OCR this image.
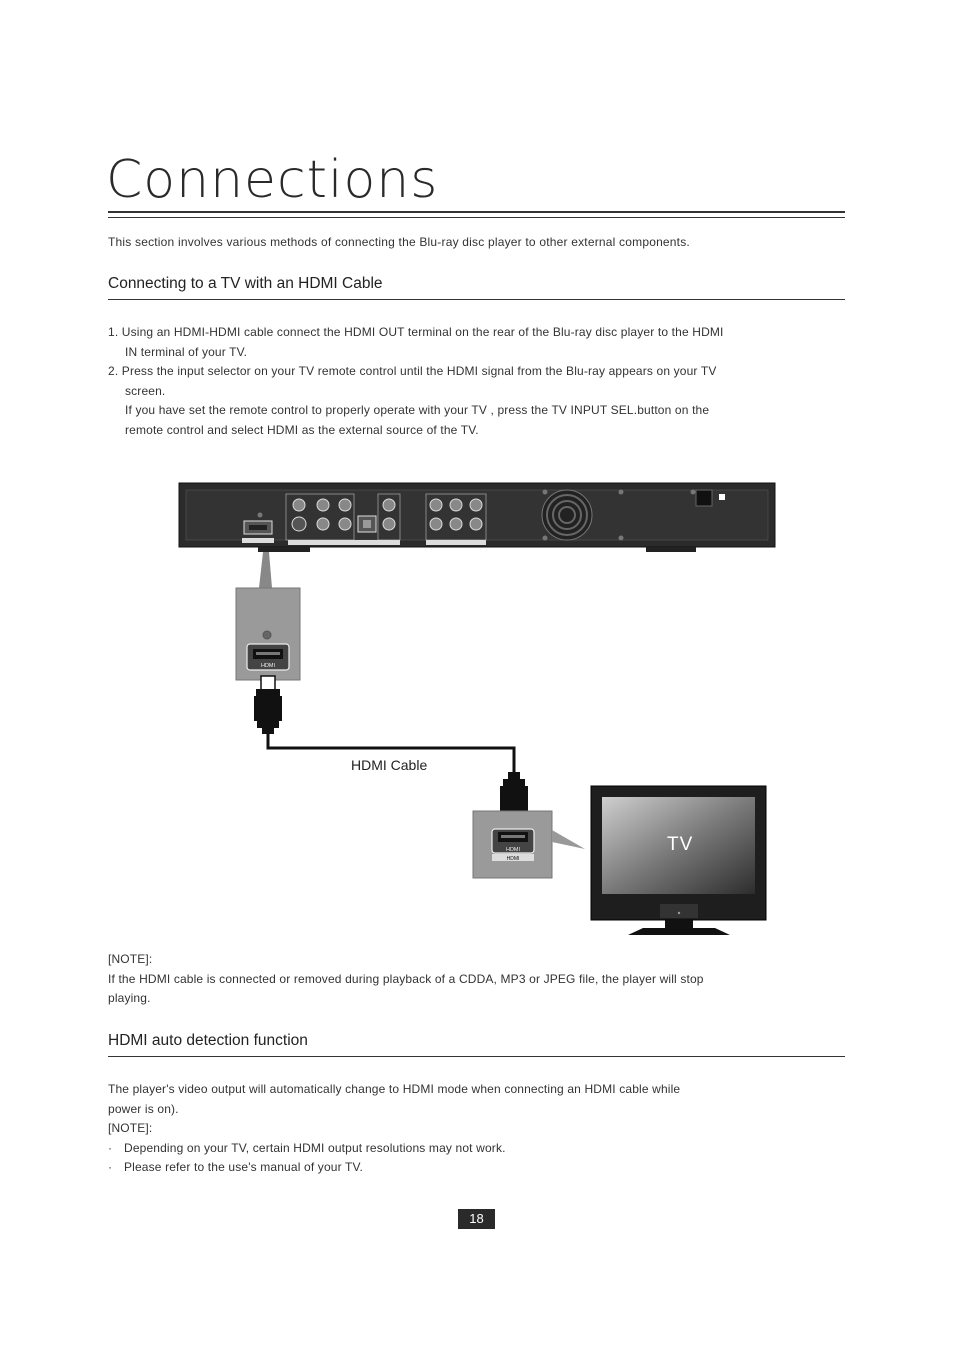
Connections
This section involves various methods of connecting the Blu-ray disc player to other external components.
Connecting to a TV with an HDMI Cable
1. Using an HDMI-HDMI cable connect the HDMI OUT terminal on the rear of the Blu-ray disc player to the HDMI
IN terminal of your TV.
2. Press the input selector on your TV remote control until the HDMI signal from the Blu-ray appears on your TV
screen.
If you have set the remote control to properly operate with your TV , press the TV INPUT SEL.button on the
remote control and select HDMI as the external source of the TV.
HDMI
HDMI
HDMI
HDMI Cable
TV
[NOTE]:
If the HDMI cable is connected or removed during playback of a CDDA, MP3 or JPEG file, the player will stop
playing.
HDMI auto detection function
The player's video output will automatically change to HDMI mode when connecting an HDMI cable while
power is on).
[NOTE]:
· Depending on your TV, certain HDMI output resolutions may not work.
· Please refer to the use's manual of your TV.
18
